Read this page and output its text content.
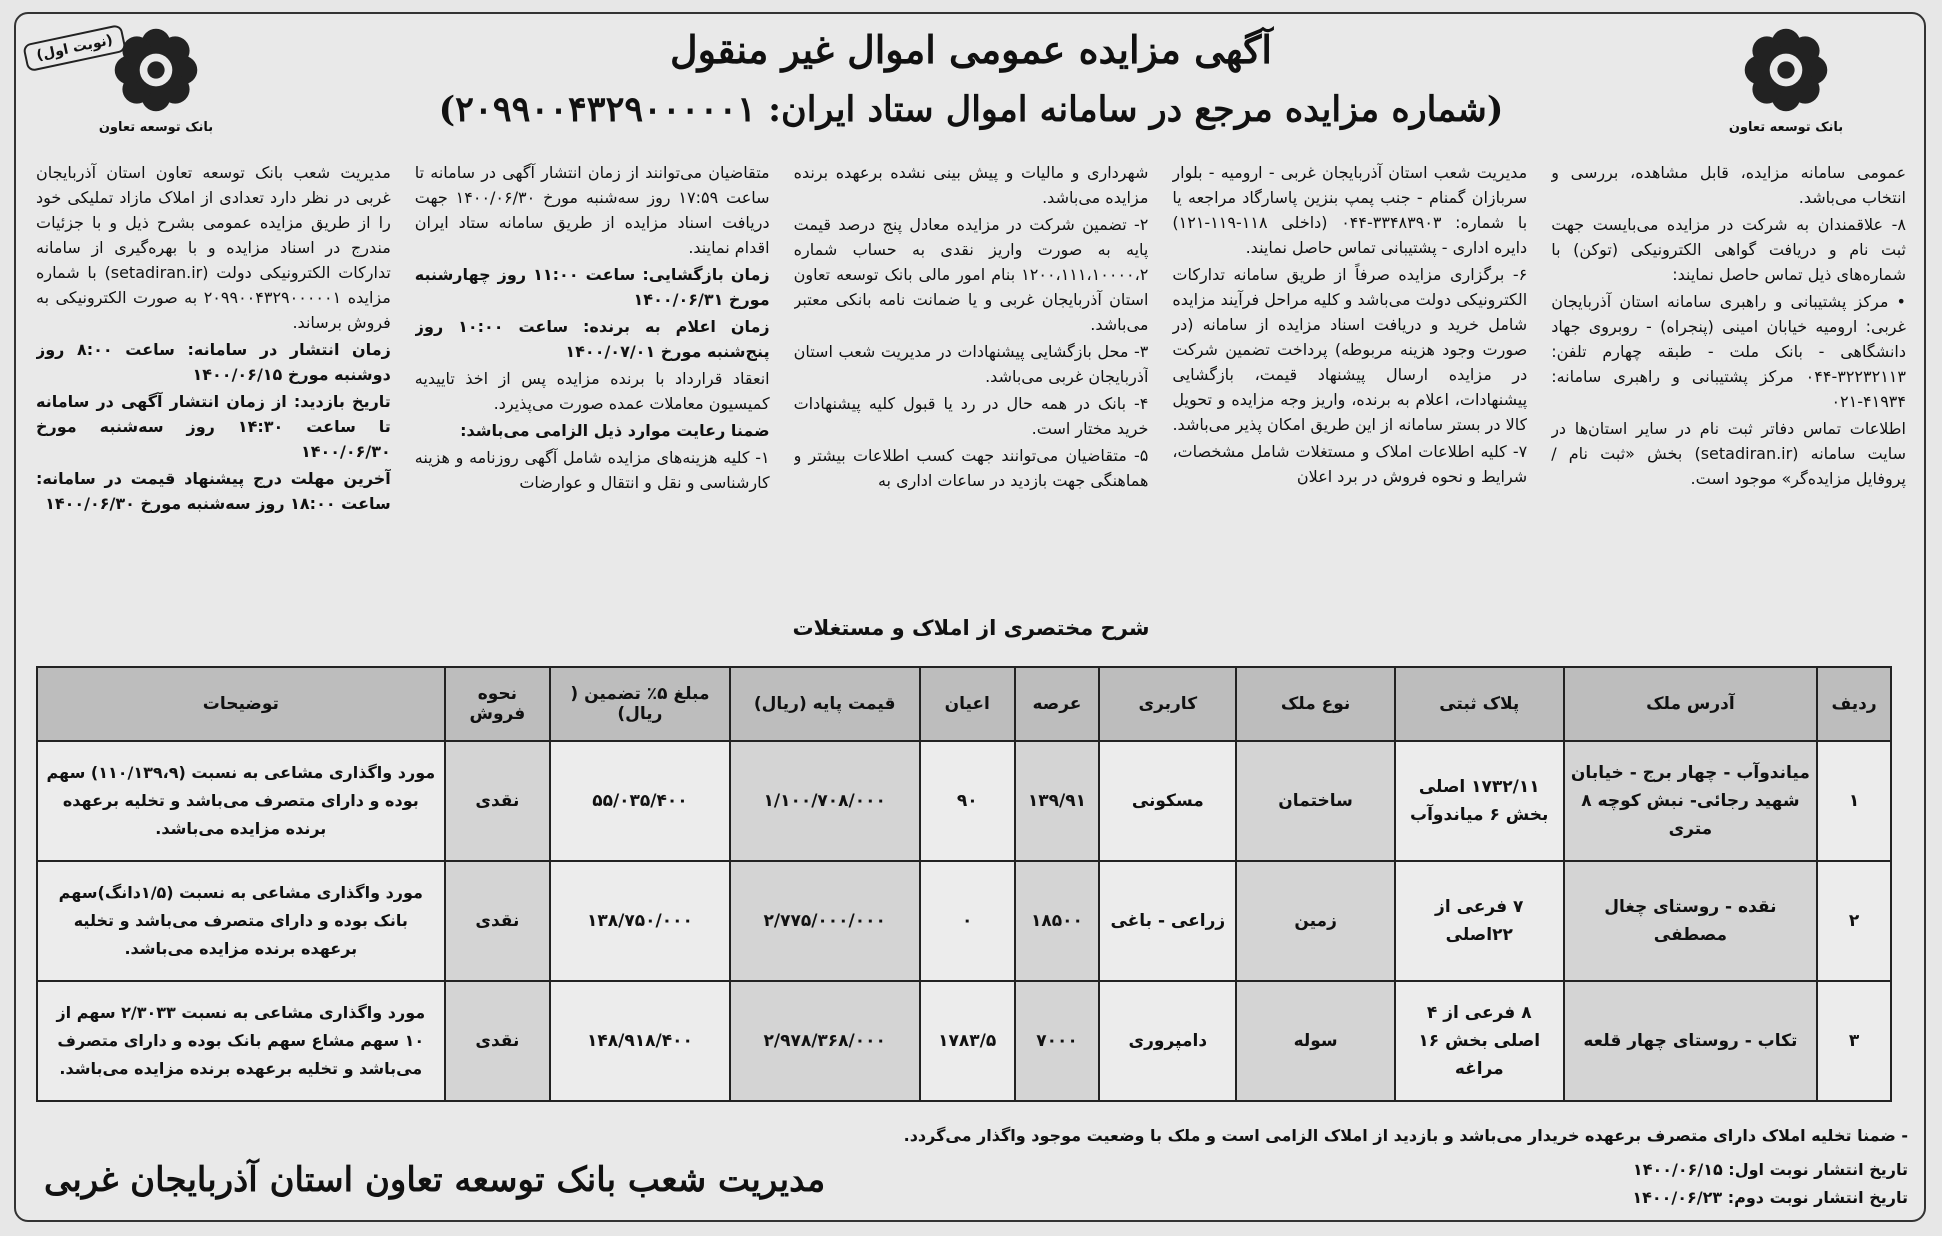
بانک توسعه تعاون	بانک توسعه تعاون
(نوبت اول)	آگهی مزایده عمومی اموال غیر منقول
(شماره مزایده مرجع در سامانه اموال ستاد ایران: ۲۰۹۹۰۰۴۳۲۹۰۰۰۰۰۱)

مدیریت شعب بانک توسعه تعاون استان آذربایجان غربی در نظر دارد تعدادی از املاک مازاد تملیکی خود را از طریق مزایده عمومی بشرح ذیل و با جزئیات مندرج در اسناد مزایده و با بهره‌گیری از سامانه تدارکات الکترونیکی دولت (setadiran.ir) با شماره مزایده ۲۰۹۹۰۰۴۳۲۹۰۰۰۰۰۱ به صورت الکترونیکی به فروش برساند.

زمان انتشار در سامانه: ساعت ۸:۰۰ روز دوشنبه مورخ ۱۴۰۰/۰۶/۱۵

تاریخ بازدید: از زمان انتشار آگهی در سامانه تا ساعت ۱۴:۳۰ روز سه‌شنبه مورخ ۱۴۰۰/۰۶/۳۰

آخرین مهلت درج پیشنهاد قیمت در سامانه: ساعت ۱۸:۰۰ روز سه‌شنبه مورخ ۱۴۰۰/۰۶/۳۰

متقاضیان می‌توانند از زمان انتشار آگهی در سامانه تا ساعت ۱۷:۵۹ روز سه‌شنبه مورخ ۱۴۰۰/۰۶/۳۰ جهت دریافت اسناد مزایده از طریق سامانه ستاد ایران اقدام نمایند.

زمان بازگشایی: ساعت ۱۱:۰۰ روز چهارشنبه مورخ ۱۴۰۰/۰۶/۳۱

زمان اعلام به برنده: ساعت ۱۰:۰۰ روز پنج‌شنبه مورخ ۱۴۰۰/۰۷/۰۱

انعقاد قرارداد با برنده مزایده پس از اخذ تاییدیه کمیسیون معاملات عمده صورت می‌پذیرد.

ضمنا رعایت موارد ذیل الزامی می‌باشد:

۱- کلیه هزینه‌های مزایده شامل آگهی روزنامه و هزینه کارشناسی و نقل و انتقال و عوارضات

شهرداری و مالیات و پیش بینی نشده برعهده برنده مزایده می‌باشد.

۲- تضمین شرکت در مزایده معادل پنج درصد قیمت پایه به صورت واریز نقدی به حساب شماره ۱۲۰۰،۱۱۱،۱۰۰۰۰،۲ بنام امور مالی بانک توسعه تعاون استان آذربایجان غربی و یا ضمانت نامه بانکی معتبر می‌باشد.

۳- محل بازگشایی پیشنهادات در مدیریت شعب استان آذربایجان غربی می‌باشد.

۴- بانک در همه حال در رد یا قبول کلیه پیشنهادات خرید مختار است.

۵- متقاضیان می‌توانند جهت کسب اطلاعات بیشتر و هماهنگی جهت بازدید در ساعات اداری به

مدیریت شعب استان آذربایجان غربی - ارومیه - بلوار سربازان گمنام - جنب پمپ بنزین پاسارگاد مراجعه یا با شماره: ۳۳۴۸۳۹۰۳-۰۴۴ (داخلی ۱۱۸-۱۱۹-۱۲۱) دایره اداری - پشتیبانی تماس حاصل نمایند.

۶- برگزاری مزایده صرفاً از طریق سامانه تدارکات الکترونیکی دولت می‌باشد و کلیه مراحل فرآیند مزایده شامل خرید و دریافت اسناد مزایده از سامانه (در صورت وجود هزینه مربوطه) پرداخت تضمین شرکت در مزایده ارسال پیشنهاد قیمت، بازگشایی پیشنهادات، اعلام به برنده، واریز وجه مزایده و تحویل کالا در بستر سامانه از این طریق امکان پذیر می‌باشد.

۷- کلیه اطلاعات املاک و مستغلات شامل مشخصات، شرایط و نحوه فروش در برد اعلان

عمومی سامانه مزایده، قابل مشاهده، بررسی و انتخاب می‌باشد.

۸- علاقمندان به شرکت در مزایده می‌بایست جهت ثبت نام و دریافت گواهی الکترونیکی (توکن) با شماره‌های ذیل تماس حاصل نمایند:

• مرکز پشتیبانی و راهبری سامانه استان آذربایجان غربی: ارومیه خیابان امینی (پنجراه) - روبروی جهاد دانشگاهی - بانک ملت - طبقه چهارم تلفن: ۳۲۲۳۲۱۱۳-۰۴۴ مرکز پشتیبانی و راهبری سامانه: ۴۱۹۳۴-۰۲۱

اطلاعات تماس دفاتر ثبت نام در سایر استان‌ها در سایت سامانه (setadiran.ir) بخش «ثبت نام / پروفایل مزایده‌گر» موجود است.

شرح مختصری از املاک و مستغلات
ردیف	آدرس ملک	پلاک ثبتی	نوع ملک	کاربری	عرصه	اعیان	قیمت پایه (ریال)	مبلغ ۵٪ تضمین ( ریال)	نحوه فروش	توضیحات
۱	میاندوآب - چهار برج - خیابان شهید رجائی- نبش کوچه ۸ متری	۱۷۳۲/۱۱ اصلی بخش ۶ میاندوآب	ساختمان	مسکونی	۱۳۹/۹۱	۹۰	۱/۱۰۰/۷۰۸/۰۰۰	۵۵/۰۳۵/۴۰۰	نقدی	مورد واگذاری مشاعی به نسبت (۱۱۰/۱۳۹،۹) سهم بوده و دارای متصرف می‌باشد و تخلیه برعهده برنده مزایده می‌باشد.
۲	نقده - روستای چغال مصطفی	۷ فرعی از ۲۲اصلی	زمین	زراعی - باغی	۱۸۵۰۰	۰	۲/۷۷۵/۰۰۰/۰۰۰	۱۳۸/۷۵۰/۰۰۰	نقدی	مورد واگذاری مشاعی به نسبت (۱/۵دانگ)سهم بانک بوده و دارای متصرف می‌باشد و تخلیه برعهده برنده مزایده می‌باشد.
۳	تکاب - روستای چهار قلعه	۸ فرعی از ۴ اصلی بخش ۱۶ مراغه	سوله	دامپروری	۷۰۰۰	۱۷۸۳/۵	۲/۹۷۸/۳۶۸/۰۰۰	۱۴۸/۹۱۸/۴۰۰	نقدی	مورد واگذاری مشاعی به نسبت ۲/۳۰۳۳ سهم از ۱۰ سهم مشاع سهم بانک بوده و دارای متصرف می‌باشد و تخلیه برعهده برنده مزایده می‌باشد.
- ضمنا تخلیه املاک دارای متصرف برعهده خریدار می‌باشد و بازدید از املاک الزامی است و ملک با وضعیت موجود واگذار می‌گردد.
تاریخ انتشار نوبت اول: ۱۴۰۰/۰۶/۱۵
تاریخ انتشار نوبت دوم: ۱۴۰۰/۰۶/۲۳
مدیریت شعب بانک توسعه تعاون استان آذربایجان غربی
